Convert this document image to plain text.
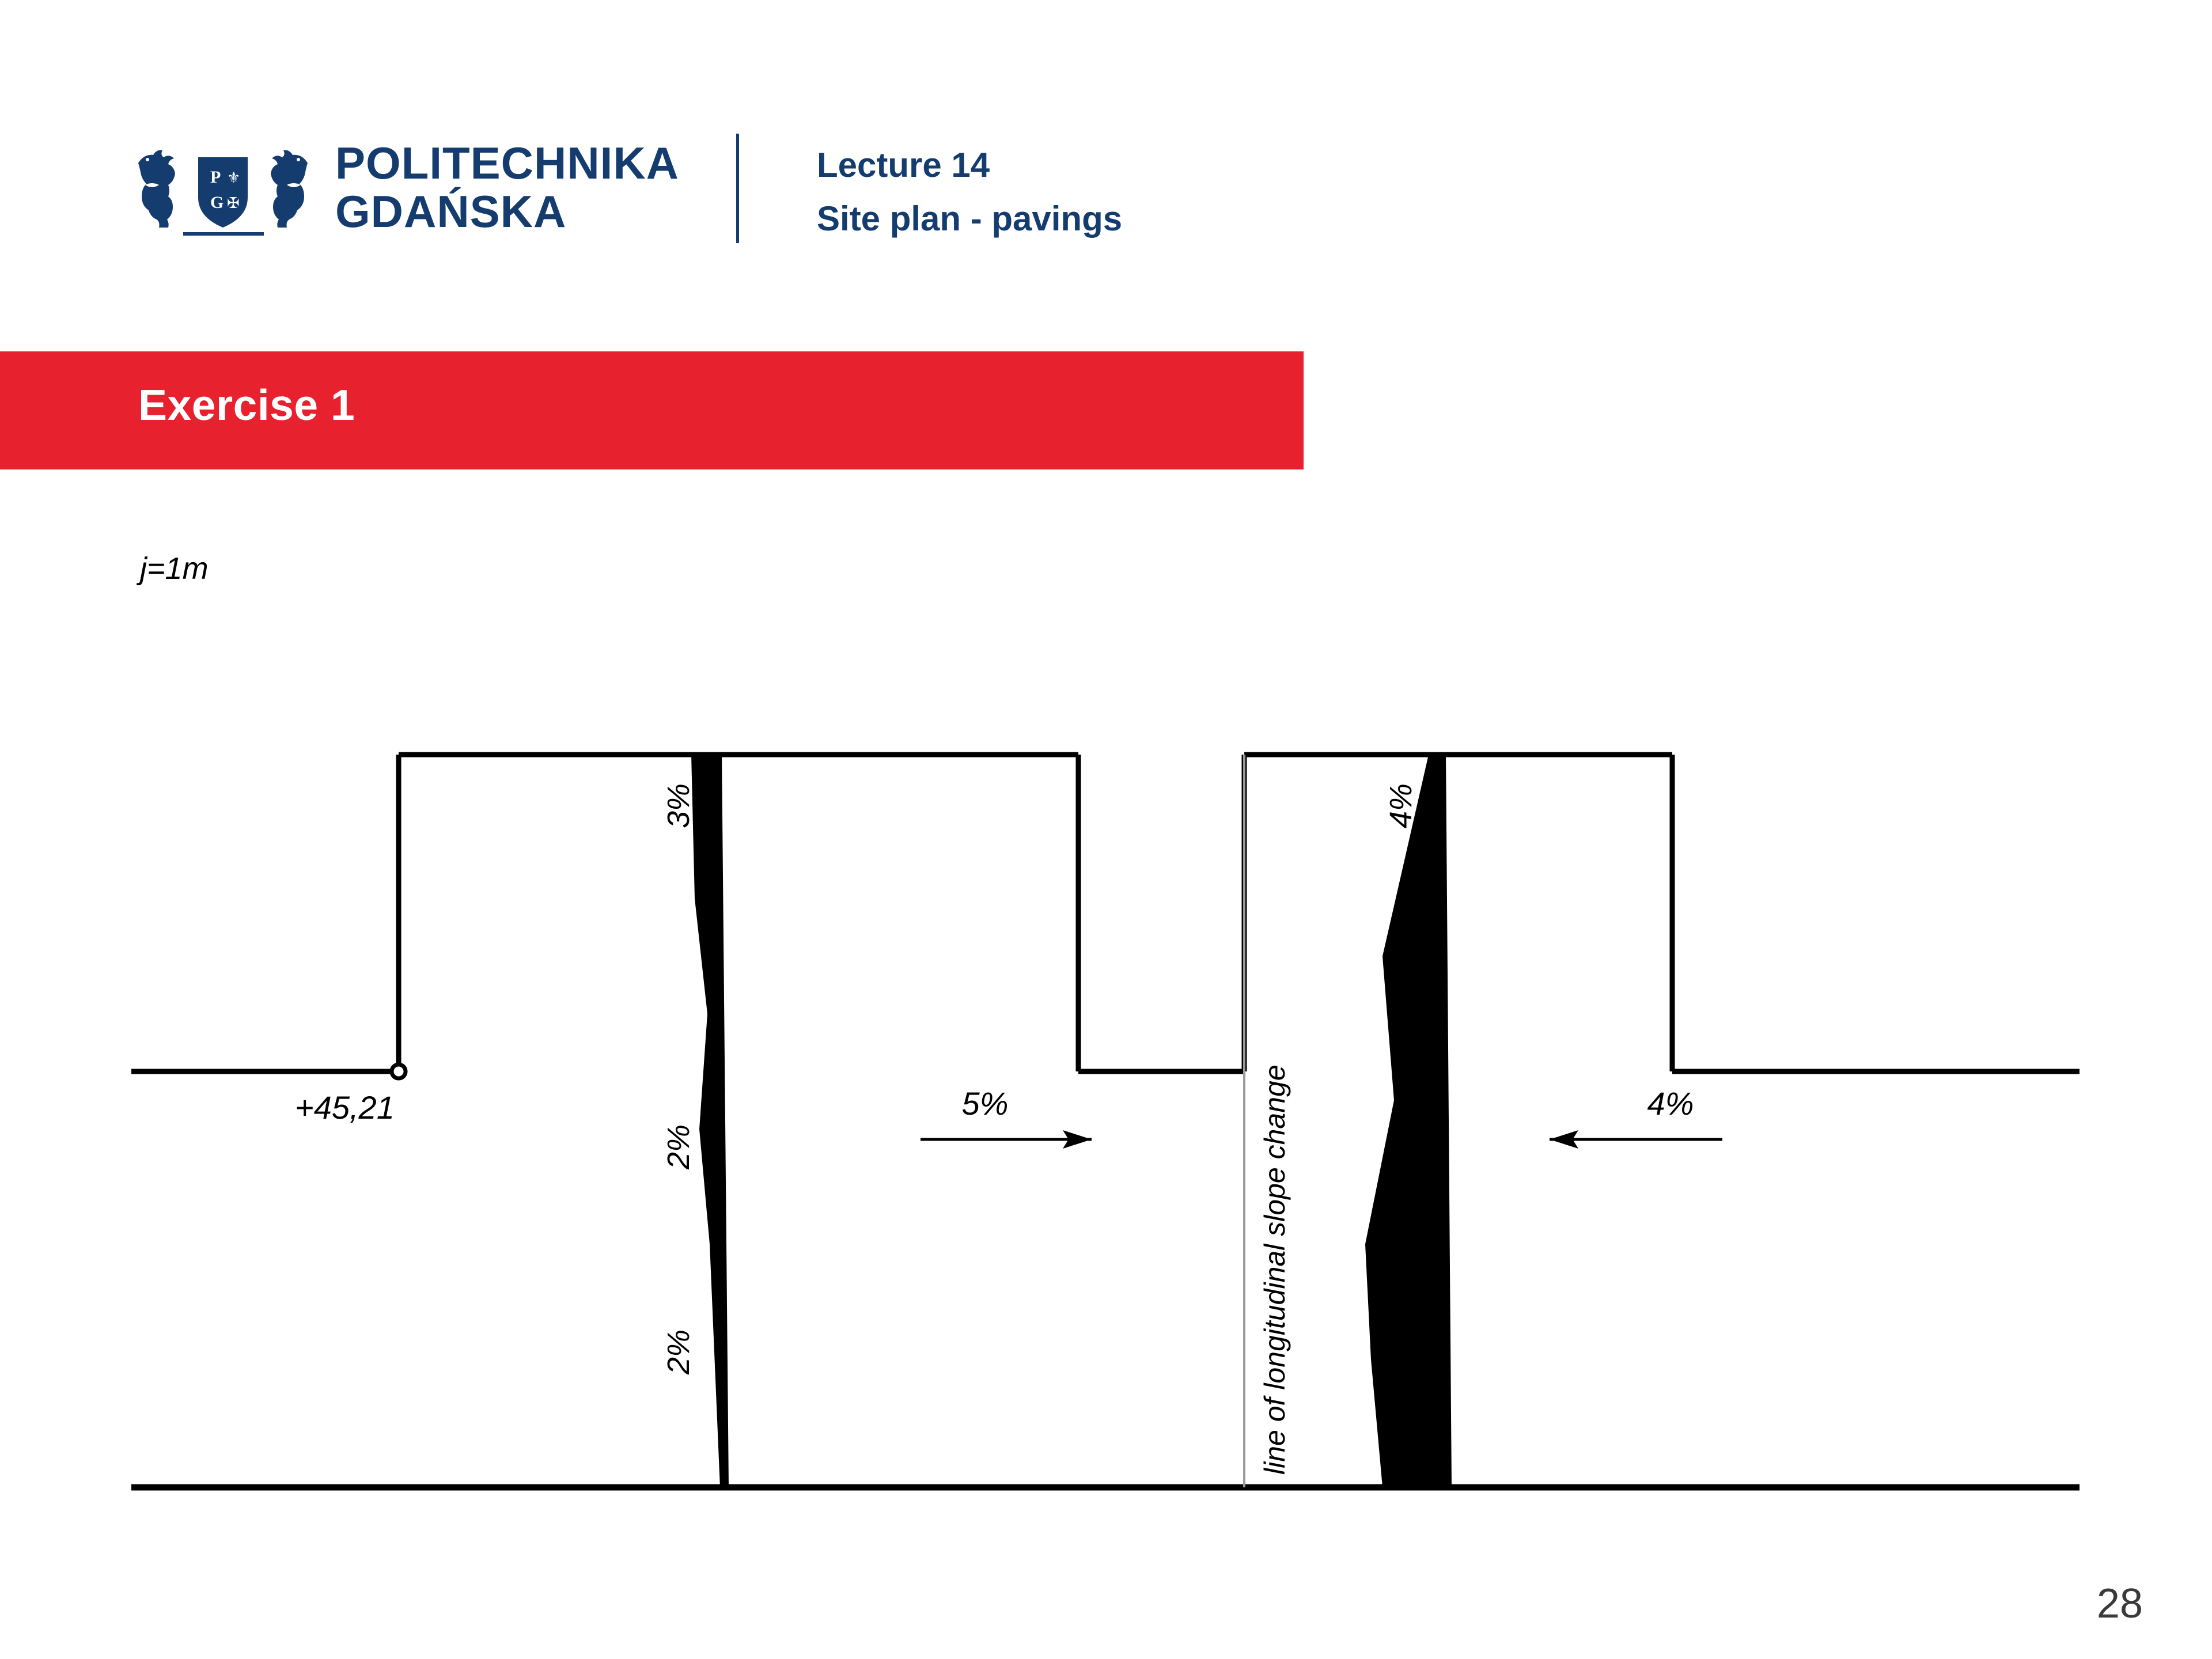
P
G
⚜
✠
POLITECHNIKA
GDAŃSKA
Lecture 14
Site plan - pavings
Exercise 1
j=1m
+45,21
3%
2%
2%
4%
2%
2%
line of longitudinal slope change
5%	4%
28
